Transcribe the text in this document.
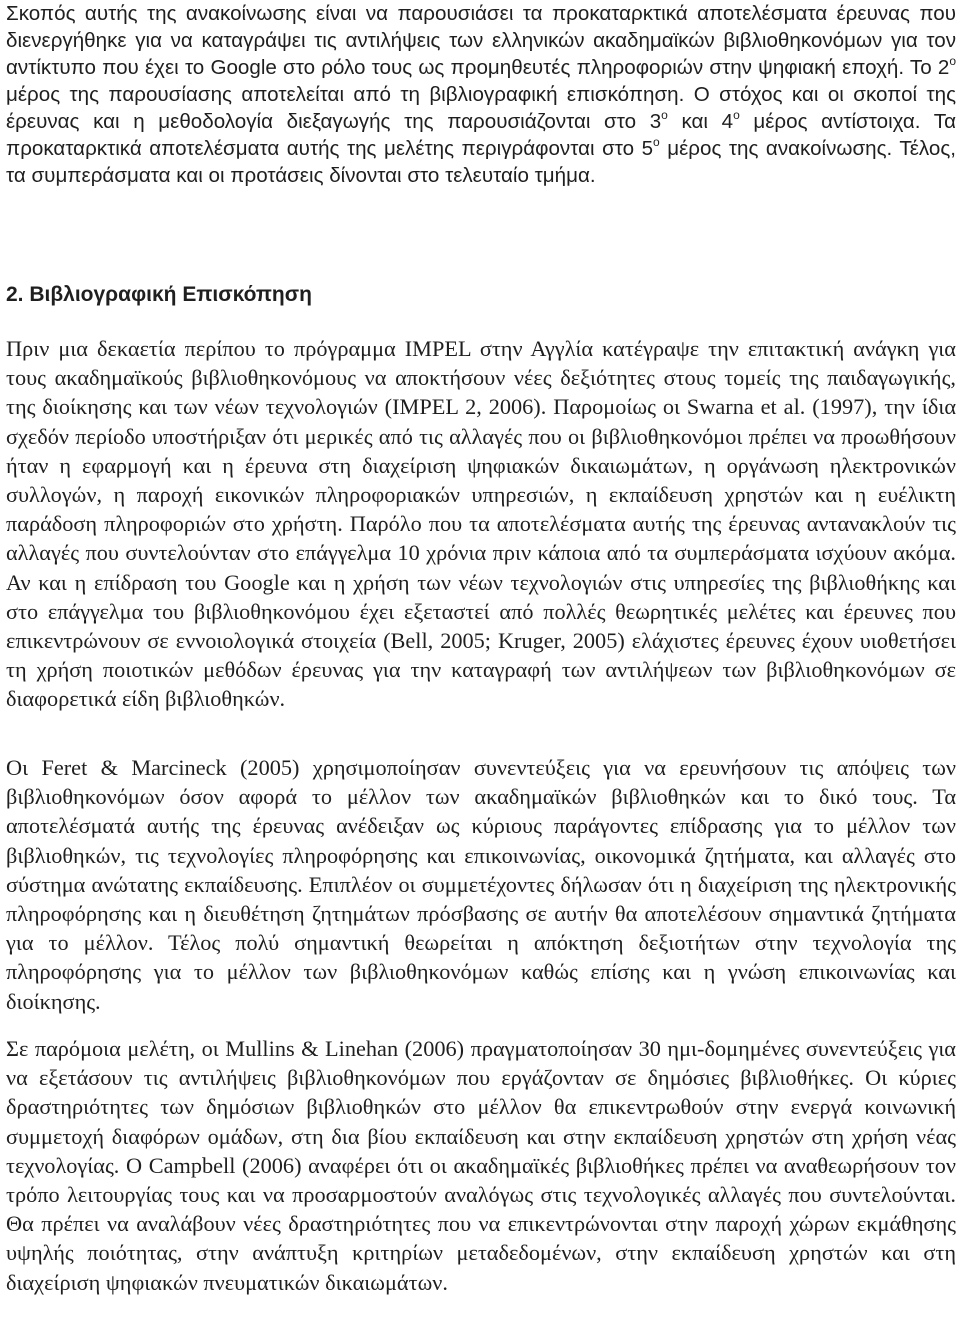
Σκοπός αυτής της ανακοίνωσης είναι να παρουσιάσει τα προκαταρκτικά αποτελέσματα έρευνας που διενεργήθηκε για να καταγράψει τις αντιλήψεις των ελληνικών ακαδημαϊκών βιβλιοθηκονόμων για τον αντίκτυπο που έχει το Google στο ρόλο τους ως προμηθευτές πληροφοριών στην ψηφιακή εποχή. Το $2^o$ μέρος της παρουσίασης αποτελείται από τη βιβλιογραφική επισκόπηση. Ο στόχος και οι σκοποί της έρευνας και η μεθοδολογία διεξαγωγής της παρουσιάζονται στο $3^o$ και $4^o$ μέρος αντίστοιχα. Τα προκαταρκτικά αποτελέσματα αυτής της μελέτης περιγράφονται στο $5^o$ μέρος της ανακοίνωσης. Τέλος, τα συμπεράσματα και οι προτάσεις δίνονται στο τελευταίο τμήμα.

2. Βιβλιογραφική Επισκόπηση

Πριν μια δεκαετία περίπου το πρόγραμμα IMPEL στην Αγγλία κατέγραψε την επιτακτική ανάγκη για τους ακαδημαϊκούς βιβλιοθηκονόμους να αποκτήσουν νέες δεξιότητες στους τομείς της παιδαγωγικής, της διοίκησης και των νέων τεχνολογιών (IMPEL 2, 2006). Παρομοίως οι Swarna et al. (1997), την ίδια σχεδόν περίοδο υποστήριξαν ότι μερικές από τις αλλαγές που οι βιβλιοθηκονόμοι πρέπει να προωθήσουν ήταν η εφαρμογή και η έρευνα στη διαχείριση ψηφιακών δικαιωμάτων, η οργάνωση ηλεκτρονικών συλλογών, η παροχή εικονικών πληροφοριακών υπηρεσιών, η εκπαίδευση χρηστών και η ευέλικτη παράδοση πληροφοριών στο χρήστη. Παρόλο που τα αποτελέσματα αυτής της έρευνας αντανακλούν τις αλλαγές που συντελούνταν στο επάγγελμα 10 χρόνια πριν κάποια από τα συμπεράσματα ισχύουν ακόμα. Αν και η επίδραση του Google και η χρήση των νέων τεχνολογιών στις υπηρεσίες της βιβλιοθήκης και στο επάγγελμα του βιβλιοθηκονόμου έχει εξεταστεί από πολλές θεωρητικές μελέτες και έρευνες που επικεντρώνουν σε εννοιολογικά στοιχεία (Bell, 2005; Kruger, 2005) ελάχιστες έρευνες έχουν υιοθετήσει τη χρήση ποιοτικών μεθόδων έρευνας για την καταγραφή των αντιλήψεων των βιβλιοθηκονόμων σε διαφορετικά είδη βιβλιοθηκών.

Οι Feret & Marcineck (2005) χρησιμοποίησαν συνεντεύξεις για να ερευνήσουν τις απόψεις των βιβλιοθηκονόμων όσον αφορά το μέλλον των ακαδημαϊκών βιβλιοθηκών και το δικό τους. Τα αποτελέσματά αυτής της έρευνας ανέδειξαν ως κύριους παράγοντες επίδρασης για το μέλλον των βιβλιοθηκών, τις τεχνολογίες πληροφόρησης και επικοινωνίας, οικονομικά ζητήματα, και αλλαγές στο σύστημα ανώτατης εκπαίδευσης. Επιπλέον οι συμμετέχοντες δήλωσαν ότι η διαχείριση της ηλεκτρονικής πληροφόρησης και η διευθέτηση ζητημάτων πρόσβασης σε αυτήν θα αποτελέσουν σημαντικά ζητήματα για το μέλλον. Τέλος πολύ σημαντική θεωρείται η απόκτηση δεξιοτήτων στην τεχνολογία της πληροφόρησης για το μέλλον των βιβλιοθηκονόμων καθώς επίσης και η γνώση επικοινωνίας και διοίκησης.

Σε παρόμοια μελέτη, οι Mullins & Linehan (2006) πραγματοποίησαν 30 ημι-δομημένες συνεντεύξεις για να εξετάσουν τις αντιλήψεις βιβλιοθηκονόμων που εργάζονταν σε δημόσιες βιβλιοθήκες. Οι κύριες δραστηριότητες των δημόσιων βιβλιοθηκών στο μέλλον θα επικεντρωθούν στην ενεργά κοινωνική συμμετοχή διαφόρων ομάδων, στη δια βίου εκπαίδευση και στην εκπαίδευση χρηστών στη χρήση νέας τεχνολογίας. Ο Campbell (2006) αναφέρει ότι οι ακαδημαϊκές βιβλιοθήκες πρέπει να αναθεωρήσουν τον τρόπο λειτουργίας τους και να προσαρμοστούν αναλόγως στις τεχνολογικές αλλαγές που συντελούνται. Θα πρέπει να αναλάβουν νέες δραστηριότητες που να επικεντρώνονται στην παροχή χώρων εκμάθησης υψηλής ποιότητας, στην ανάπτυξη κριτηρίων μεταδεδομένων, στην εκπαίδευση χρηστών και στη διαχείριση ψηφιακών πνευματικών δικαιωμάτων.
